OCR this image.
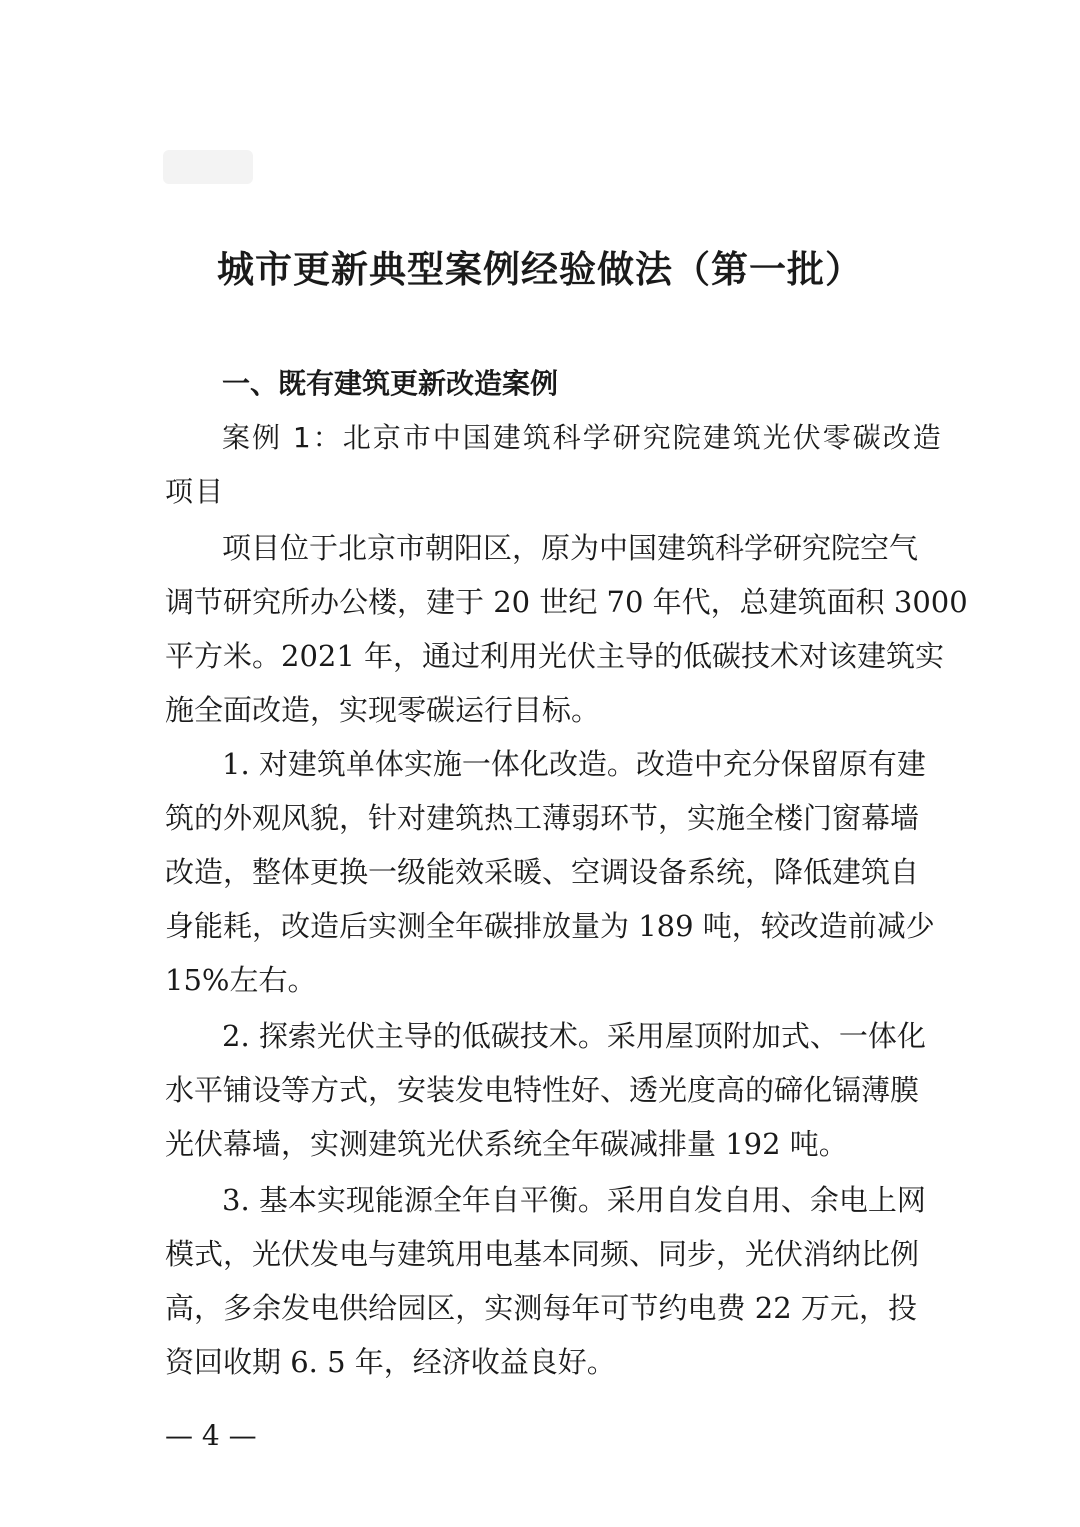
城市更新典型案例经验做法（第一批）
一、既有建筑更新改造案例
案例 1：北京市中国建筑科学研究院建筑光伏零碳改造
项目
项目位于北京市朝阳区，原为中国建筑科学研究院空气
调节研究所办公楼，建于 20 世纪 70 年代，总建筑面积 3000
平方米。2021 年，通过利用光伏主导的低碳技术对该建筑实
施全面改造，实现零碳运行目标。
1. 对建筑单体实施一体化改造。改造中充分保留原有建
筑的外观风貌，针对建筑热工薄弱环节，实施全楼门窗幕墙
改造，整体更换一级能效采暖、空调设备系统，降低建筑自
身能耗，改造后实测全年碳排放量为 189 吨，较改造前减少
15%左右。
2. 探索光伏主导的低碳技术。采用屋顶附加式、一体化
水平铺设等方式，安装发电特性好、透光度高的碲化镉薄膜
光伏幕墙，实测建筑光伏系统全年碳减排量 192 吨。
3. 基本实现能源全年自平衡。采用自发自用、余电上网
模式，光伏发电与建筑用电基本同频、同步，光伏消纳比例
高，多余发电供给园区，实测每年可节约电费 22 万元，投
资回收期 6. 5 年，经济收益良好。
— 4 —
